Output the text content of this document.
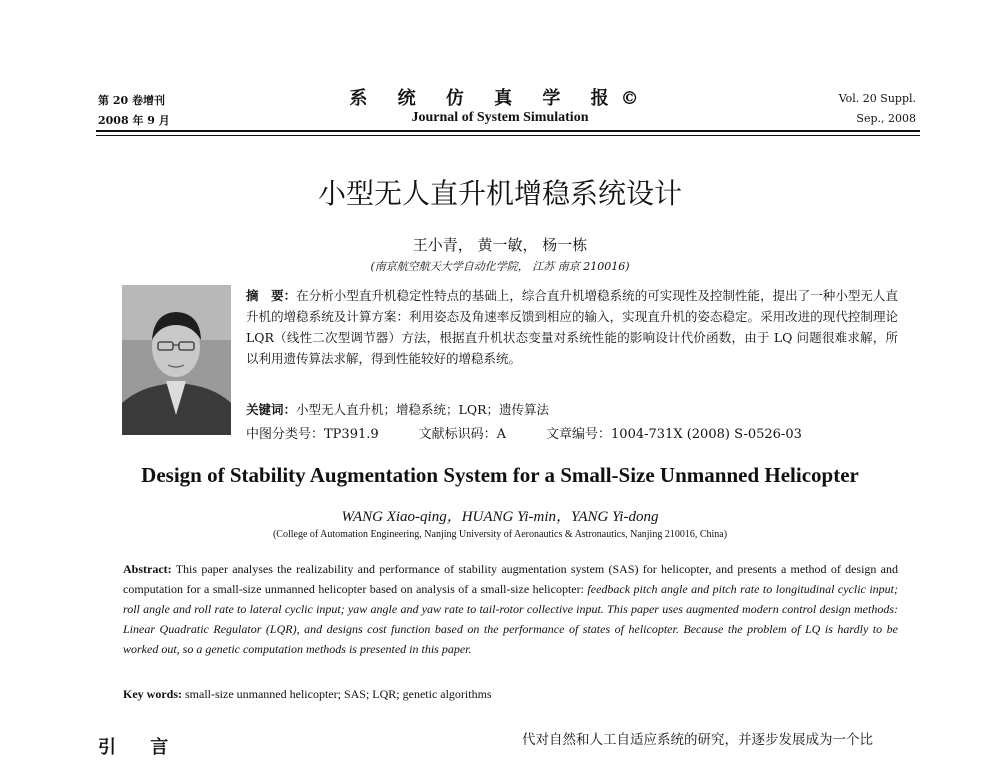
第 20 卷增刊
2008 年 9 月
系 统 仿 真 学 报©
Journal of System Simulation
Vol. 20 Suppl.
Sep., 2008
小型无人直升机增稳系统设计
王小青， 黄一敏， 杨一栋
(南京航空航天大学自动化学院， 江苏 南京 210016)
摘　要：在分析小型直升机稳定性特点的基础上，综合直升机增稳系统的可实现性及控制性能，提出了一种小型无人直升机的增稳系统及计算方案：利用姿态及角速率反馈到相应的输入，实现直升机的姿态稳定。采用改进的现代控制理论 LQR（线性二次型调节器）方法，根据直升机状态变量对系统性能的影响设计代价函数，由于 LQ 问题很难求解，所以利用遗传算法求解，得到性能较好的增稳系统。
关键词：小型无人直升机；增稳系统；LQR；遗传算法
中图分类号：TP391.9	文献标识码：A	文章编号：1004-731X (2008) S-0526-03
Design of Stability Augmentation System for a Small-Size Unmanned Helicopter
WANG Xiao-qing，HUANG Yi-min，YANG Yi-dong
(College of Automation Engineering, Nanjing University of Aeronautics & Astronautics, Nanjing 210016, China)
Abstract: This paper analyses the realizability and performance of stability augmentation system (SAS) for helicopter, and presents a method of design and computation for a small-size unmanned helicopter based on analysis of a small-size helicopter: feedback pitch angle and pitch rate to longitudinal cyclic input; roll angle and roll rate to lateral cyclic input; yaw angle and yaw rate to tail-rotor collective input. This paper uses augmented modern control design methods: Linear Quadratic Regulator (LQR), and designs cost function based on the performance of states of helicopter. Because the problem of LQ is hardly to be worked out, so a genetic computation methods is presented in this paper.
Key words: small-size unmanned helicopter; SAS; LQR; genetic algorithms
引 言	代对自然和人工自适应系统的研究，并逐步发展成为一个比
